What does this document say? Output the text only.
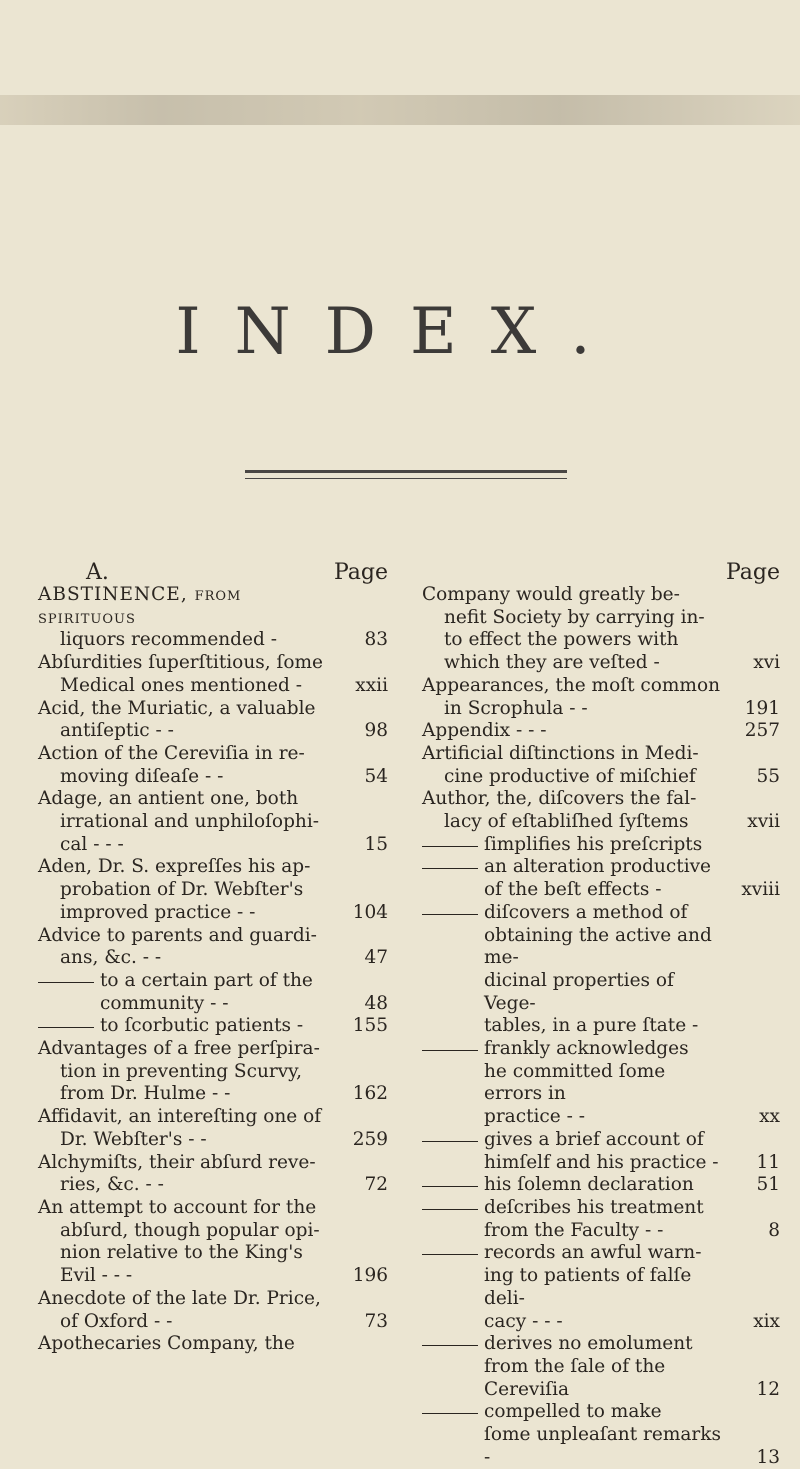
INDEX.
A.	Page
ABSTINENCE, from ſpirituous
liquors recommended -	83
Abſurdities ſuperſtitious, ſome
Medical ones mentioned -	xxii
Acid, the Muriatic, a valuable
antiſeptic - -	98
Action of the Cereviſia in re-
moving diſeaſe - -	54
Adage, an antient one, both
irrational and unphiloſophi-
cal - - -	15
Aden, Dr. S. expreſſes his ap-
probation of Dr. Webſter's
improved practice - -	104
Advice to parents and guardi-
ans, &c. - -	47
to a certain part of the
community - -	48
to ſcorbutic patients -	155
Advantages of a free perſpira-
tion in preventing Scurvy,
from Dr. Hulme - -	162
Affidavit, an intereſting one of
Dr. Webſter's - -	259
Alchymiſts, their abſurd reve-
ries, &c. - -	72
An attempt to account for the
abſurd, though popular opi-
nion relative to the King's
Evil - - -	196
Anecdote of the late Dr. Price,
of Oxford - -	73
Apothecaries Company, the
Page
Company would greatly be-
nefit Society by carrying in-
to effect the powers with
which they are veſted -	xvi
Appearances, the moſt common
in Scrophula - -	191
Appendix - - -	257
Artificial diſtinctions in Medi-
cine productive of miſchief	55
Author, the, diſcovers the fal-
lacy of eſtabliſhed ſyſtems	xvii
ſimplifies his preſcripts
an alteration productive
of the beſt effects -	xviii
diſcovers a method of
obtaining the active and me-
dicinal properties of Vege-
tables, in a pure ſtate -
frankly acknowledges
he committed ſome errors in
practice - -	xx
gives a brief account of
himſelf and his practice -	11
his ſolemn declaration	51
deſcribes his treatment
from the Faculty - -	8
records an awful warn-
ing to patients of falſe deli-
cacy - - -	xix
derives no emolument
from the ſale of the Cereviſia	12
compelled to make
ſome unpleaſant remarks -	13
